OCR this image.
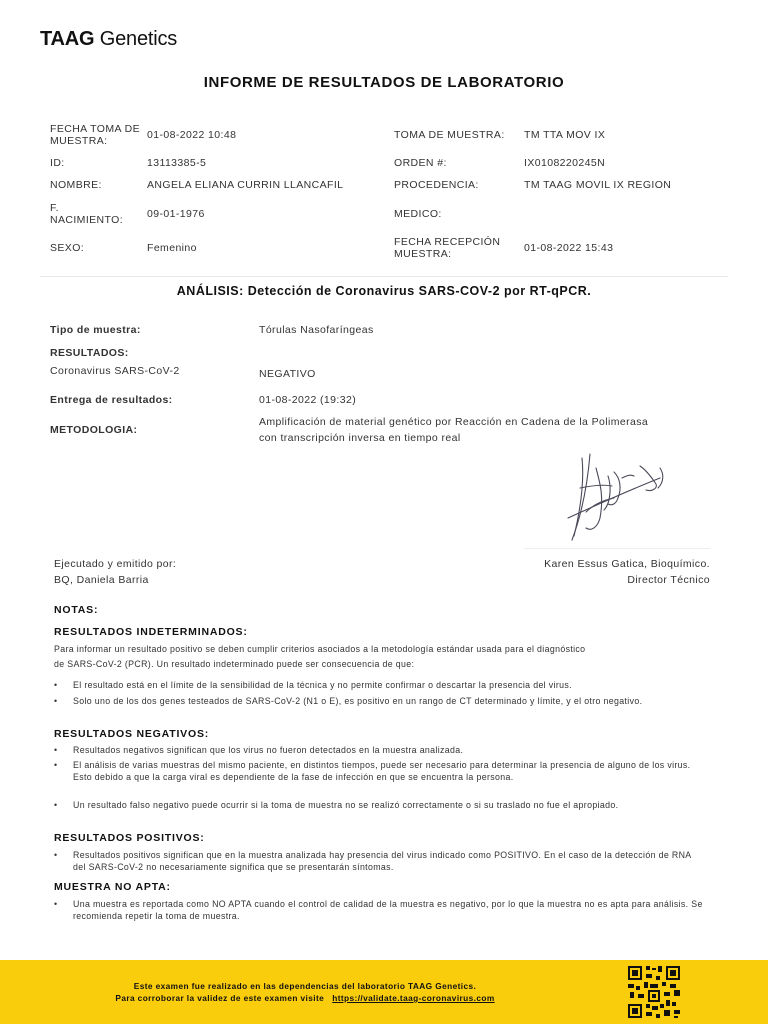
TAAG Genetics
INFORME DE RESULTADOS DE LABORATORIO
FECHA TOMA DE MUESTRA:	01-08-2022 10:48
ID:	13113385-5
NOMBRE:	ANGELA ELIANA CURRIN LLANCAFIL
F. NACIMIENTO:	09-01-1976
SEXO:	Femenino
TOMA DE MUESTRA: TM TTA MOV IX
ORDEN #:	IX0108220245N
PROCEDENCIA:	TM TAAG MOVIL IX REGION
MEDICO:
FECHA RECEPCIÓN MUESTRA:	01-08-2022 15:43
ANÁLISIS: Detección de Coronavirus SARS-COV-2 por RT-qPCR.
Tipo de muestra:	Tórulas Nasofaríngeas
RESULTADOS:
Coronavirus SARS-CoV-2	NEGATIVO
Entrega de resultados:	01-08-2022 (19:32)
METODOLOGIA:
Amplificación de material genético por Reacción en Cadena de la Polimerasa
con transcripción inversa en tiempo real
Ejecutado y emitido por:
BQ, Daniela Barria
Karen Essus Gatica, Bioquímico.
Director Técnico
NOTAS:
RESULTADOS INDETERMINADOS:
Para informar un resultado positivo se deben cumplir criterios asociados a la metodología estándar usada para el diagnóstico
de SARS-CoV-2 (PCR). Un resultado indeterminado puede ser consecuencia de que:
• El resultado está en el límite de la sensibilidad de la técnica y no permite confirmar o descartar la presencia del virus.
• Solo uno de los dos genes testeados de SARS-CoV-2 (N1 o E), es positivo en un rango de CT determinado y límite, y el otro negativo.
RESULTADOS NEGATIVOS:
• Resultados negativos significan que los virus no fueron detectados en la muestra analizada.
• El análisis de varias muestras del mismo paciente, en distintos tiempos, puede ser necesario para determinar la presencia de alguno de los virus. Esto debido a que la carga viral es dependiente de la fase de infección en que se encuentra la persona.
• Un resultado falso negativo puede ocurrir si la toma de muestra no se realizó correctamente o si su traslado no fue el apropiado.
RESULTADOS POSITIVOS:
• Resultados positivos significan que en la muestra analizada hay presencia del virus indicado como POSITIVO. En el caso de la detección de RNA del SARS-CoV-2 no necesariamente significa que se presentarán síntomas.
MUESTRA NO APTA:
• Una muestra es reportada como NO APTA cuando el control de calidad de la muestra es negativo, por lo que la muestra no es apta para análisis. Se recomienda repetir la toma de muestra.
Este examen fue realizado en las dependencias del laboratorio TAAG Genetics.
Para corroborar la validez de este examen visite https://validate.taag-coronavirus.com
